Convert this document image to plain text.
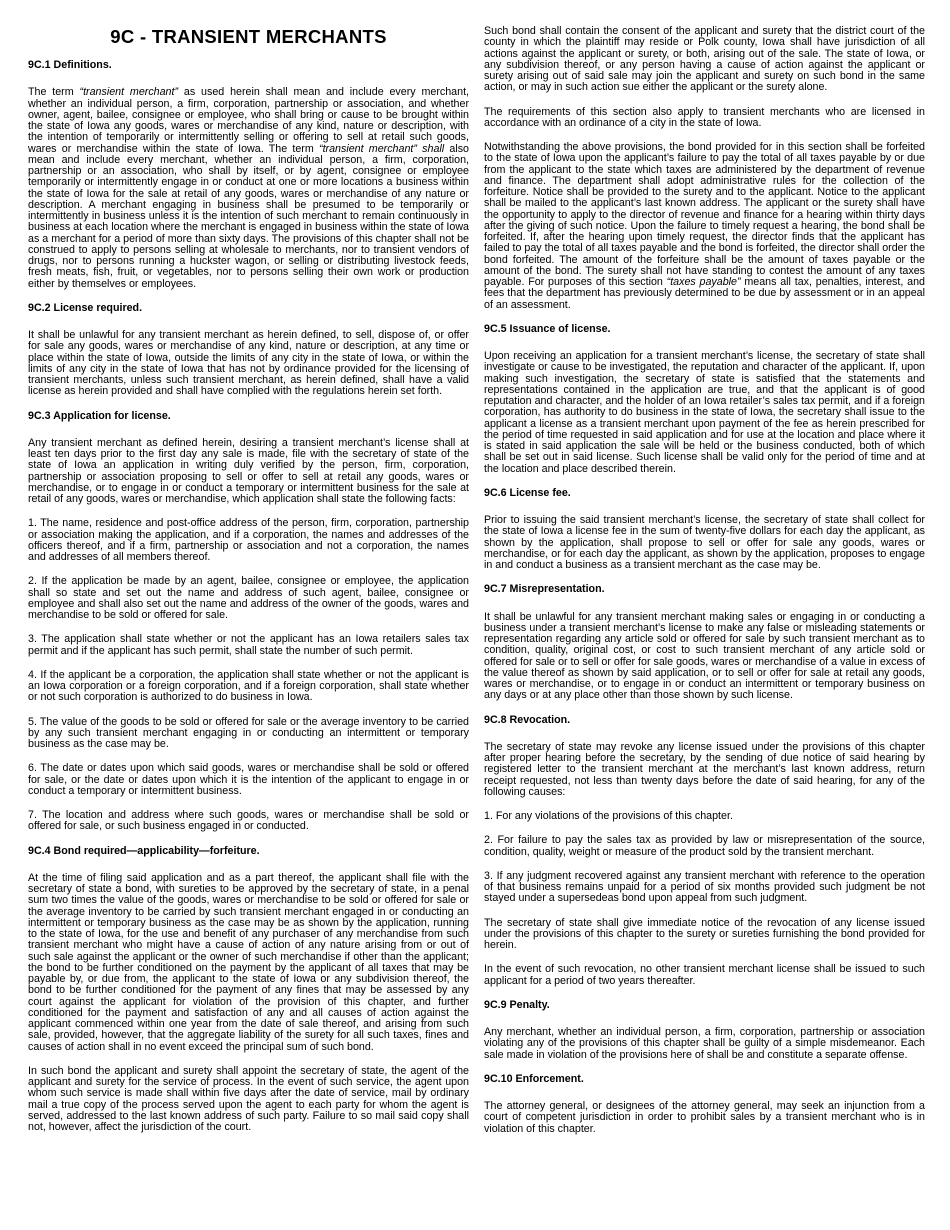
9C - TRANSIENT MERCHANTS
9C.1 Definitions.

The term “transient merchant” as used herein shall mean and include every merchant, whether an individual person, a firm, corporation, partnership or association, and whether owner, agent, bailee, consignee or employee, who shall bring or cause to be brought within the state of Iowa any goods, wares or merchandise of any kind, nature or description, with the intention of temporarily or intermittently selling or offering to sell at retail such goods, wares or merchandise within the state of Iowa. The term “transient merchant” shall also mean and include every merchant, whether an individual person, a firm, corporation, partnership or an association, who shall by itself, or by agent, consignee or employee temporarily or intermittently engage in or conduct at one or more locations a business within the state of Iowa for the sale at retail of any goods, wares or merchandise of any nature or description. A merchant engaging in business shall be presumed to be temporarily or intermittently in business unless it is the intention of such merchant to remain continuously in business at each location where the merchant is engaged in business within the state of Iowa as a merchant for a period of more than sixty days. The provisions of this chapter shall not be construed to apply to persons selling at wholesale to merchants, nor to transient vendors of drugs, nor to persons running a huckster wagon, or selling or distributing livestock feeds, fresh meats, fish, fruit, or vegetables, nor to persons selling their own work or production either by themselves or employees.

9C.2 License required.

It shall be unlawful for any transient merchant as herein defined, to sell, dispose of, or offer for sale any goods, wares or merchandise of any kind, nature or description, at any time or place within the state of Iowa, outside the limits of any city in the state of Iowa, or within the limits of any city in the state of Iowa that has not by ordinance provided for the licensing of transient merchants, unless such transient merchant, as herein defined, shall have a valid license as herein provided and shall have complied with the regulations herein set forth.

9C.3 Application for license.

Any transient merchant as defined herein, desiring a transient merchant’s license shall at least ten days prior to the first day any sale is made, file with the secretary of state of the state of Iowa an application in writing duly verified by the person, firm, corporation, partnership or association proposing to sell or offer to sell at retail any goods, wares or merchandise, or to engage in or conduct a temporary or intermittent business for the sale at retail of any goods, wares or merchandise, which application shall state the following facts:

1. The name, residence and post-office address of the person, firm, corporation, partnership or association making the application, and if a corporation, the names and addresses of the officers thereof, and if a firm, partnership or association and not a corporation, the names and addresses of all members thereof.

2. If the application be made by an agent, bailee, consignee or employee, the application shall so state and set out the name and address of such agent, bailee, consignee or employee and shall also set out the name and address of the owner of the goods, wares and merchandise to be sold or offered for sale.

3. The application shall state whether or not the applicant has an Iowa retailers sales tax permit and if the applicant has such permit, shall state the number of such permit.

4. If the applicant be a corporation, the application shall state whether or not the applicant is an Iowa corporation or a foreign corporation, and if a foreign corporation, shall state whether or not such corporation is authorized to do business in Iowa.

5. The value of the goods to be sold or offered for sale or the average inventory to be carried by any such transient merchant engaging in or conducting an intermittent or temporary business as the case may be.

6. The date or dates upon which said goods, wares or merchandise shall be sold or offered for sale, or the date or dates upon which it is the intention of the applicant to engage in or conduct a temporary or intermittent business.

7. The location and address where such goods, wares or merchandise shall be sold or offered for sale, or such business engaged in or conducted.

9C.4 Bond required—applicability—forfeiture.

At the time of filing said application and as a part thereof, the applicant shall file with the secretary of state a bond, with sureties to be approved by the secretary of state, in a penal sum two times the value of the goods, wares or merchandise to be sold or offered for sale or the average inventory to be carried by such transient merchant engaged in or conducting an intermittent or temporary business as the case may be as shown by the application, running to the state of Iowa, for the use and benefit of any purchaser of any merchandise from such transient merchant who might have a cause of action of any nature arising from or out of such sale against the applicant or the owner of such merchandise if other than the applicant; the bond to be further conditioned on the payment by the applicant of all taxes that may be payable by, or due from, the applicant to the state of Iowa or any subdivision thereof, the bond to be further conditioned for the payment of any fines that may be assessed by any court against the applicant for violation of the provision of this chapter, and further conditioned for the payment and satisfaction of any and all causes of action against the applicant commenced within one year from the date of sale thereof, and arising from such sale, provided, however, that the aggregate liability of the surety for all such taxes, fines and causes of action shall in no event exceed the principal sum of such bond.

In such bond the applicant and surety shall appoint the secretary of state, the agent of the applicant and surety for the service of process. In the event of such service, the agent upon whom such service is made shall within five days after the date of service, mail by ordinary mail a true copy of the process served upon the agent to each party for whom the agent is served, addressed to the last known address of such party. Failure to so mail said copy shall not, however, affect the jurisdiction of the court.

Such bond shall contain the consent of the applicant and surety that the district court of the county in which the plaintiff may reside or Polk county, Iowa shall have jurisdiction of all actions against the applicant or surety, or both, arising out of the sale. The state of Iowa, or any subdivision thereof, or any person having a cause of action against the applicant or surety arising out of said sale may join the applicant and surety on such bond in the same action, or may in such action sue either the applicant or the surety alone.

The requirements of this section also apply to transient merchants who are licensed in accordance with an ordinance of a city in the state of Iowa.

Notwithstanding the above provisions, the bond provided for in this section shall be forfeited to the state of Iowa upon the applicant’s failure to pay the total of all taxes payable by or due from the applicant to the state which taxes are administered by the department of revenue and finance. The department shall adopt administrative rules for the collection of the forfeiture. Notice shall be provided to the surety and to the applicant. Notice to the applicant shall be mailed to the applicant’s last known address. The applicant or the surety shall have the opportunity to apply to the director of revenue and finance for a hearing within thirty days after the giving of such notice. Upon the failure to timely request a hearing, the bond shall be forfeited. If, after the hearing upon timely request, the director finds that the applicant has failed to pay the total of all taxes payable and the bond is forfeited, the director shall order the bond forfeited. The amount of the forfeiture shall be the amount of taxes payable or the amount of the bond. The surety shall not have standing to contest the amount of any taxes payable. For purposes of this section “taxes payable” means all tax, penalties, interest, and fees that the department has previously determined to be due by assessment or in an appeal of an assessment.

9C.5 Issuance of license.

Upon receiving an application for a transient merchant’s license, the secretary of state shall investigate or cause to be investigated, the reputation and character of the applicant. If, upon making such investigation, the secretary of state is satisfied that the statements and representations contained in the application are true, and that the applicant is of good reputation and character, and the holder of an Iowa retailer’s sales tax permit, and if a foreign corporation, has authority to do business in the state of Iowa, the secretary shall issue to the applicant a license as a transient merchant upon payment of the fee as herein prescribed for the period of time requested in said application and for use at the location and place where it is stated in said application the sale will be held or the business conducted, both of which shall be set out in said license. Such license shall be valid only for the period of time and at the location and place described therein.

9C.6 License fee.

Prior to issuing the said transient merchant’s license, the secretary of state shall collect for the state of Iowa a license fee in the sum of twenty-five dollars for each day the applicant, as shown by the application, shall propose to sell or offer for sale any goods, wares or merchandise, or for each day the applicant, as shown by the application, proposes to engage in and conduct a business as a transient merchant as the case may be.

9C.7 Misrepresentation.

It shall be unlawful for any transient merchant making sales or engaging in or conducting a business under a transient merchant’s license to make any false or misleading statements or representation regarding any article sold or offered for sale by such transient merchant as to condition, quality, original cost, or cost to such transient merchant of any article sold or offered for sale or to sell or offer for sale goods, wares or merchandise of a value in excess of the value thereof as shown by said application, or to sell or offer for sale at retail any goods, wares or merchandise, or to engage in or conduct an intermittent or temporary business on any days or at any place other than those shown by such license.

9C.8 Revocation.

The secretary of state may revoke any license issued under the provisions of this chapter after proper hearing before the secretary, by the sending of due notice of said hearing by registered letter to the transient merchant at the merchant’s last known address, return receipt requested, not less than twenty days before the date of said hearing, for any of the following causes:

1. For any violations of the provisions of this chapter.

2. For failure to pay the sales tax as provided by law or misrepresentation of the source, condition, quality, weight or measure of the product sold by the transient merchant.

3. If any judgment recovered against any transient merchant with reference to the operation of that business remains unpaid for a period of six months provided such judgment be not stayed under a supersedeas bond upon appeal from such judgment.

The secretary of state shall give immediate notice of the revocation of any license issued under the provisions of this chapter to the surety or sureties furnishing the bond provided for herein.

In the event of such revocation, no other transient merchant license shall be issued to such applicant for a period of two years thereafter.

9C.9 Penalty.

Any merchant, whether an individual person, a firm, corporation, partnership or association violating any of the provisions of this chapter shall be guilty of a simple misdemeanor. Each sale made in violation of the provisions here of shall be and constitute a separate offense.

9C.10 Enforcement.

The attorney general, or designees of the attorney general, may seek an injunction from a court of competent jurisdiction in order to prohibit sales by a transient merchant who is in violation of this chapter.
